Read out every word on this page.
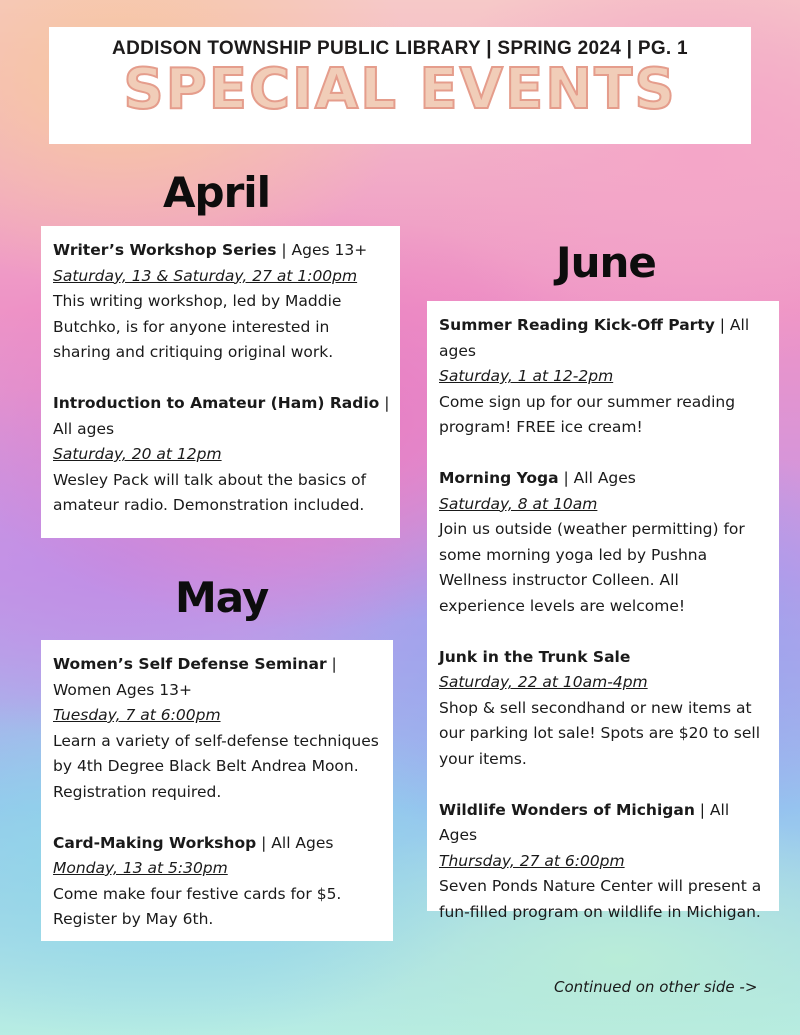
ADDISON TOWNSHIP PUBLIC LIBRARY | SPRING 2024 | PG. 1
SPECIAL EVENTS
April
Writer’s Workshop Series | Ages 13+
Saturday, 13 & Saturday, 27 at 1:00pm
This writing workshop, led by Maddie Butchko, is for anyone interested in sharing and critiquing original work.
Introduction to Amateur (Ham) Radio | All ages
Saturday, 20 at 12pm
Wesley Pack will talk about the basics of amateur radio. Demonstration included.
May
Women’s Self Defense Seminar | Women Ages 13+
Tuesday, 7 at 6:00pm
Learn a variety of self-defense techniques by 4th Degree Black Belt Andrea Moon. Registration required.
Card-Making Workshop | All Ages
Monday, 13 at 5:30pm
Come make four festive cards for $5. Register by May 6th.
June
Summer Reading Kick-Off Party | All ages
Saturday, 1 at 12-2pm
Come sign up for our summer reading program! FREE ice cream!
Morning Yoga | All Ages
Saturday, 8 at 10am
Join us outside (weather permitting) for some morning yoga led by Pushna Wellness instructor Colleen. All experience levels are welcome!
Junk in the Trunk Sale
Saturday, 22 at 10am-4pm
Shop & sell secondhand or new items at our parking lot sale! Spots are $20 to sell your items.
Wildlife Wonders of Michigan | All Ages
Thursday, 27 at 6:00pm
Seven Ponds Nature Center will present a fun-filled program on wildlife in Michigan.
Continued on other side ->
